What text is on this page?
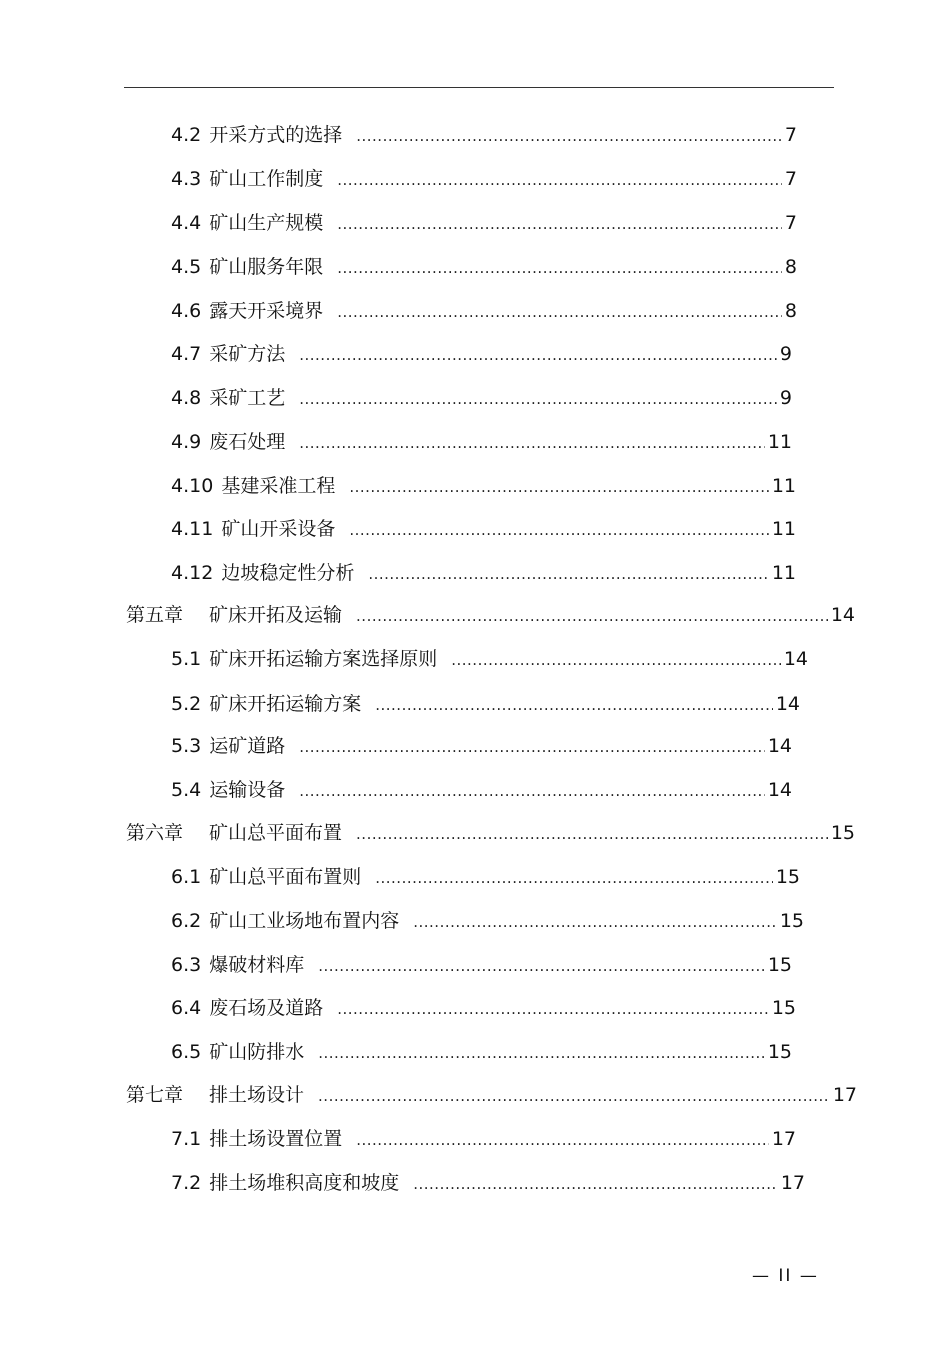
4.2 开采方式的选择 .....	7
4.3 矿山工作制度 .....	7
4.4 矿山生产规模 .....	7
4.5 矿山服务年限 .....	8
4.6 露天开采境界 .....	8
4.7 采矿方法 .....	9
4.8 采矿工艺 .....	9
4.9 废石处理 .....	11
4.10 基建采准工程 .....	11
4.11 矿山开采设备 .....	11
4.12 边坡稳定性分析 .....	11
第五章 矿床开拓及运输 .....	14
5.1 矿床开拓运输方案选择原则 .....	14
5.2 矿床开拓运输方案 .....	14
5.3 运矿道路 .....	14
5.4 运输设备 .....	14
第六章 矿山总平面布置 .....	15
6.1 矿山总平面布置则 .....	15
6.2 矿山工业场地布置内容 .....	15
6.3 爆破材料库 .....	15
6.4 废石场及道路 .....	15
6.5 矿山防排水 .....	15
第七章 排土场设计 .....	17
7.1 排土场设置位置 .....	17
7.2 排土场堆积高度和坡度 .....	17
— II —
